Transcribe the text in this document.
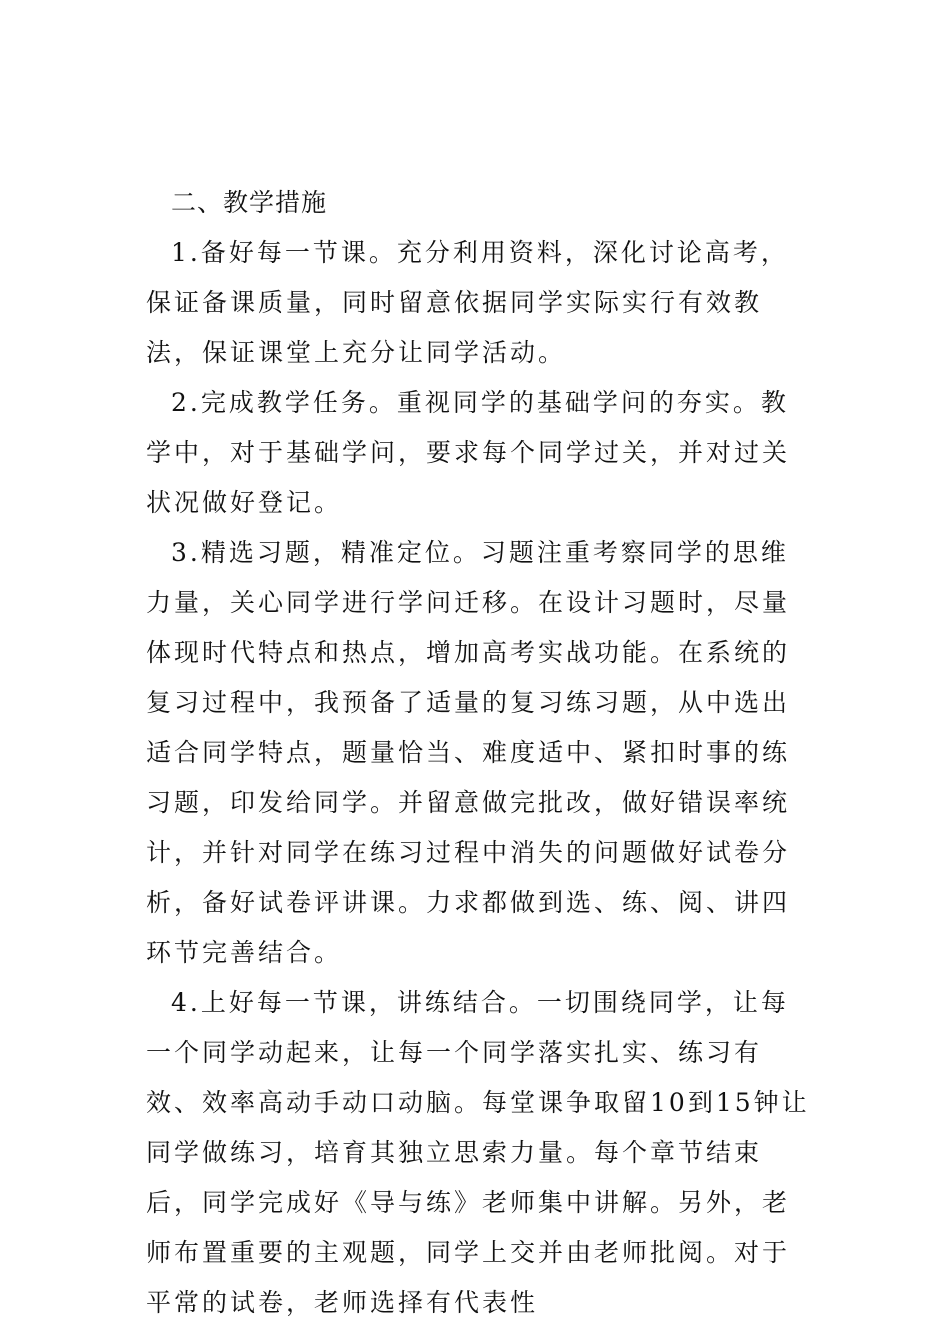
二、教学措施

1.备好每一节课。充分利用资料，深化讨论高考，保证备课质量，同时留意依据同学实际实行有效教法，保证课堂上充分让同学活动。

2.完成教学任务。重视同学的基础学问的夯实。教学中，对于基础学问，要求每个同学过关，并对过关状况做好登记。

3.精选习题，精准定位。习题注重考察同学的思维力量，关心同学进行学问迁移。在设计习题时，尽量体现时代特点和热点，增加高考实战功能。在系统的复习过程中，我预备了适量的复习练习题，从中选出适合同学特点，题量恰当、难度适中、紧扣时事的练习题，印发给同学。并留意做完批改，做好错误率统计，并针对同学在练习过程中消失的问题做好试卷分析，备好试卷评讲课。力求都做到选、练、阅、讲四环节完善结合。

4.上好每一节课，讲练结合。一切围绕同学，让每一个同学动起来，让每一个同学落实扎实、练习有效、效率高动手动口动脑。每堂课争取留10到15钟让同学做练习，培育其独立思索力量。每个章节结束后，同学完成好《导与练》老师集中讲解。另外，老师布置重要的主观题，同学上交并由老师批阅。对于平常的试卷，老师选择有代表性
